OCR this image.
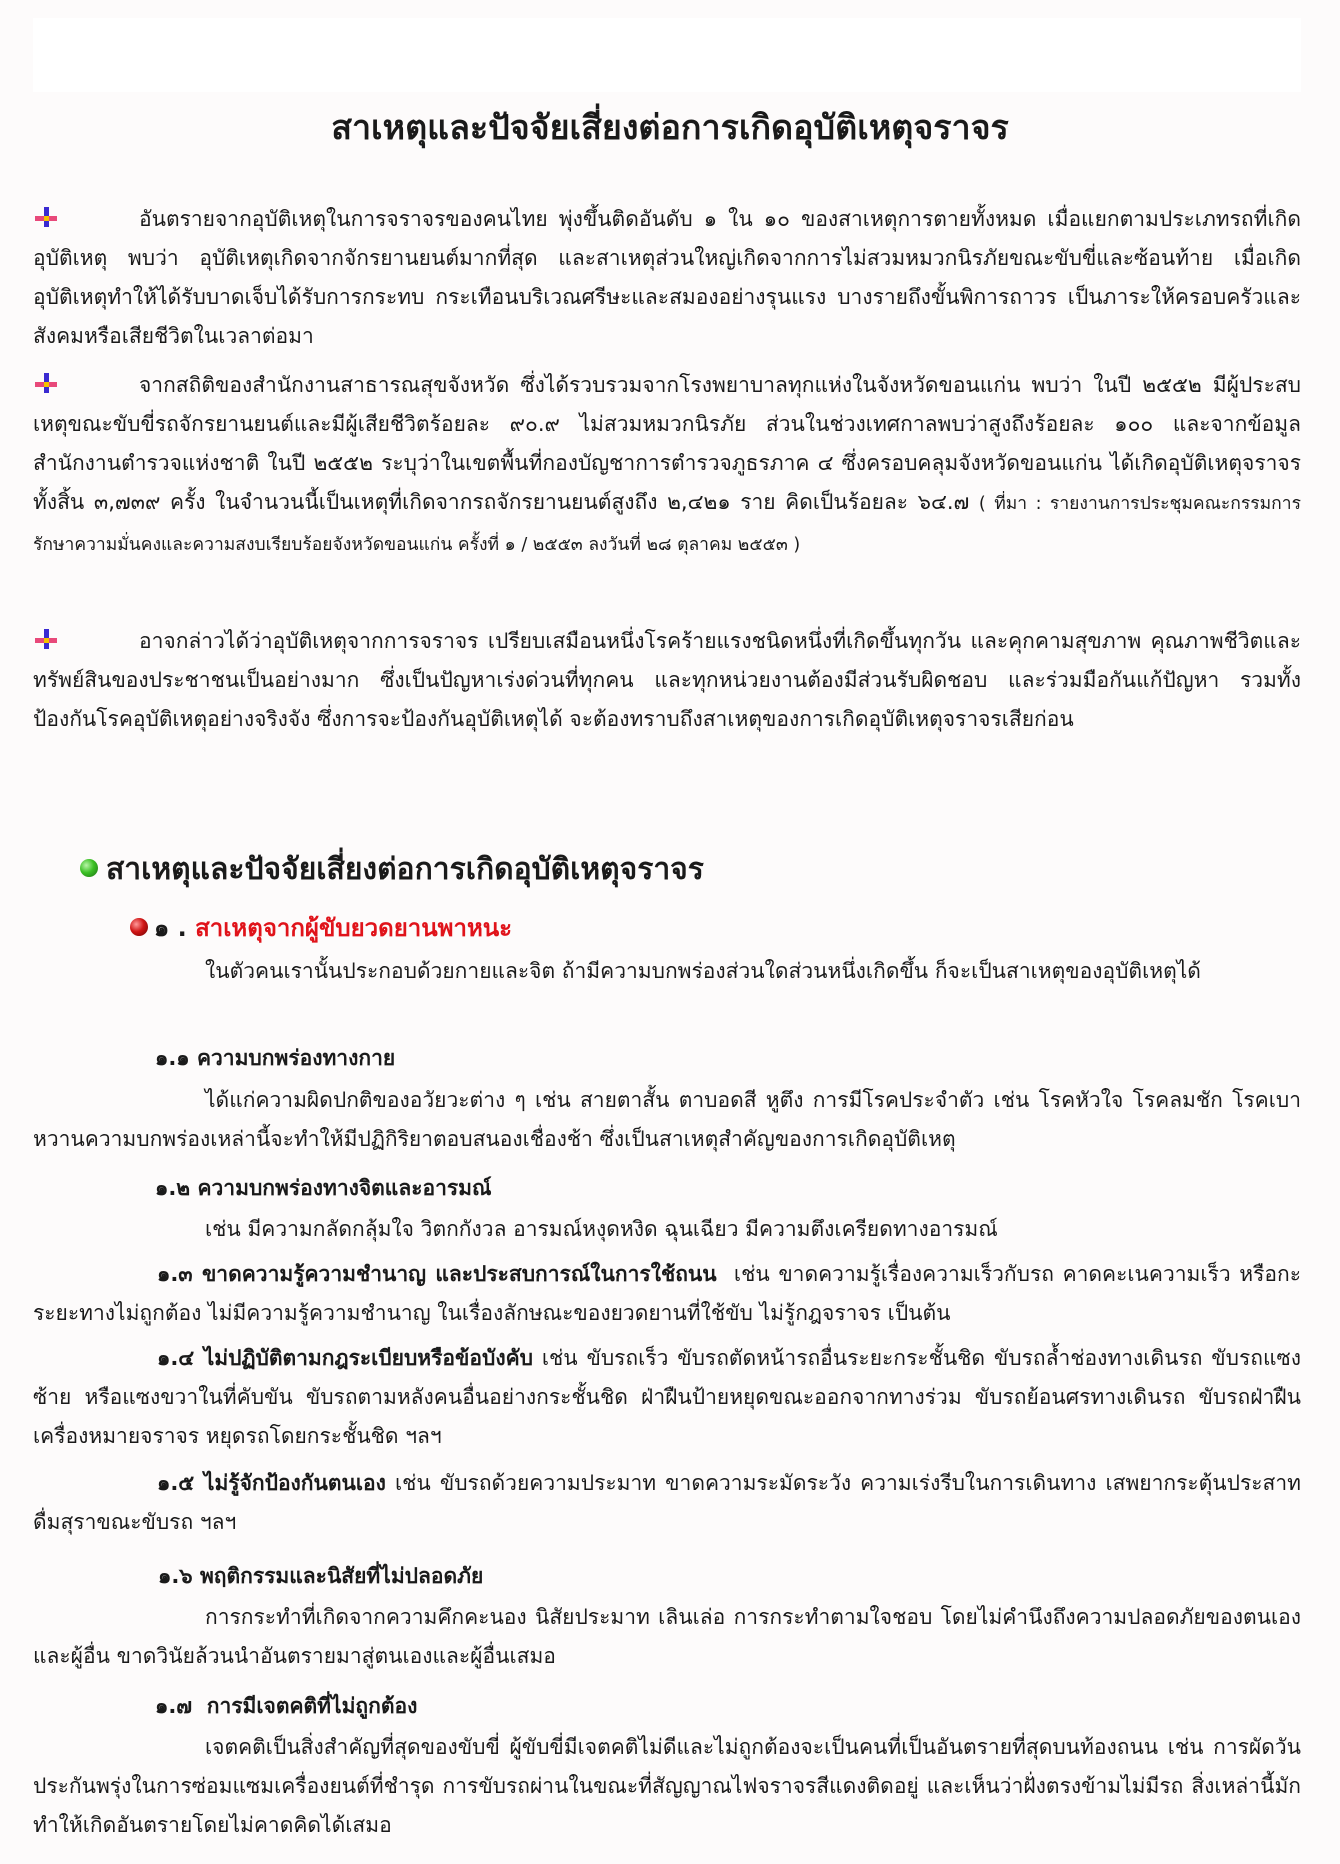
สาเหตุและปัจจัยเสี่ยงต่อการเกิดอุบัติเหตุจราจร

อันตรายจากอุบัติเหตุในการจราจรของคนไทย พุ่งขึ้นติดอันดับ ๑ ใน ๑๐ ของสาเหตุการตายทั้งหมด เมื่อแยกตามประเภทรถที่เกิดอุบัติเหตุ พบว่า อุบัติเหตุเกิดจากจักรยานยนต์มากที่สุด และสาเหตุส่วนใหญ่เกิดจากการไม่สวมหมวกนิรภัยขณะขับขี่และซ้อนท้าย เมื่อเกิดอุบัติเหตุทำให้ได้รับบาดเจ็บได้รับการกระทบ กระเทือนบริเวณศรีษะและสมองอย่างรุนแรง บางรายถึงขั้นพิการถาวร เป็นภาระให้ครอบครัวและสังคมหรือเสียชีวิตในเวลาต่อมา

จากสถิติของสำนักงานสาธารณสุขจังหวัด ซึ่งได้รวบรวมจากโรงพยาบาลทุกแห่งในจังหวัดขอนแก่น พบว่า ในปี ๒๕๕๒ มีผู้ประสบเหตุขณะขับขี่รถจักรยานยนต์และมีผู้เสียชีวิตร้อยละ ๙๐.๙ ไม่สวมหมวกนิรภัย ส่วนในช่วงเทศกาลพบว่าสูงถึงร้อยละ ๑๐๐ และจากข้อมูลสำนักงานตำรวจแห่งชาติ ในปี ๒๕๕๒ ระบุว่าในเขตพื้นที่กองบัญชาการตำรวจภูธรภาค ๔ ซึ่งครอบคลุมจังหวัดขอนแก่น ได้เกิดอุบัติเหตุจราจรทั้งสิ้น ๓,๗๓๙ ครั้ง ในจำนวนนี้เป็นเหตุที่เกิดจากรถจักรยานยนต์สูงถึง ๒,๔๒๑ ราย คิดเป็นร้อยละ ๖๔.๗ ( ที่มา : รายงานการประชุมคณะกรรมการรักษาความมั่นคงและความสงบเรียบร้อยจังหวัดขอนแก่น ครั้งที่ ๑ / ๒๕๕๓ ลงวันที่ ๒๘ ตุลาคม ๒๕๕๓ )

อาจกล่าวได้ว่าอุบัติเหตุจากการจราจร เปรียบเสมือนหนึ่งโรคร้ายแรงชนิดหนึ่งที่เกิดขึ้นทุกวัน และคุกคามสุขภาพ คุณภาพชีวิตและทรัพย์สินของประชาชนเป็นอย่างมาก ซึ่งเป็นปัญหาเร่งด่วนที่ทุกคน และทุกหน่วยงานต้องมีส่วนรับผิดชอบ และร่วมมือกันแก้ปัญหา รวมทั้งป้องกันโรคอุบัติเหตุอย่างจริงจัง ซึ่งการจะป้องกันอุบัติเหตุได้ จะต้องทราบถึงสาเหตุของการเกิดอุบัติเหตุจราจรเสียก่อน

สาเหตุและปัจจัยเสี่ยงต่อการเกิดอุบัติเหตุจราจร
๑ . สาเหตุจากผู้ขับยวดยานพาหนะ

ในตัวคนเรานั้นประกอบด้วยกายและจิต ถ้ามีความบกพร่องส่วนใดส่วนหนึ่งเกิดขึ้น ก็จะเป็นสาเหตุของอุบัติเหตุได้

๑.๑ ความบกพร่องทางกาย

ได้แก่ความผิดปกติของอวัยวะต่าง ๆ เช่น สายตาสั้น ตาบอดสี หูตึง การมีโรคประจำตัว เช่น โรคหัวใจ โรคลมชัก โรคเบาหวานความบกพร่องเหล่านี้จะทำให้มีปฏิกิริยาตอบสนองเชื่องช้า ซึ่งเป็นสาเหตุสำคัญของการเกิดอุบัติเหตุ

๑.๒ ความบกพร่องทางจิตและอารมณ์

เช่น มีความกลัดกลุ้มใจ วิตกกังวล อารมณ์หงุดหงิด ฉุนเฉียว มีความตึงเครียดทางอารมณ์

๑.๓ ขาดความรู้ความชำนาญ และประสบการณ์ในการใช้ถนน เช่น ขาดความรู้เรื่องความเร็วกับรถ คาดคะเนความเร็ว หรือกะระยะทางไม่ถูกต้อง ไม่มีความรู้ความชำนาญ ในเรื่องลักษณะของยวดยานที่ใช้ขับ ไม่รู้กฎจราจร เป็นต้น

๑.๔ ไม่ปฏิบัติตามกฎระเบียบหรือข้อบังคับ เช่น ขับรถเร็ว ขับรถตัดหน้ารถอื่นระยะกระชั้นชิด ขับรถล้ำช่องทางเดินรถ ขับรถแซงซ้าย หรือแซงขวาในที่คับขัน ขับรถตามหลังคนอื่นอย่างกระชั้นชิด ฝ่าฝืนป้ายหยุดขณะออกจากทางร่วม ขับรถย้อนศรทางเดินรถ ขับรถฝ่าฝืนเครื่องหมายจราจร หยุดรถโดยกระชั้นชิด ฯลฯ

๑.๕ ไม่รู้จักป้องกันตนเอง เช่น ขับรถด้วยความประมาท ขาดความระมัดระวัง ความเร่งรีบในการเดินทาง เสพยากระตุ้นประสาท ดื่มสุราขณะขับรถ ฯลฯ

๑.๖ พฤติกรรมและนิสัยที่ไม่ปลอดภัย

การกระทำที่เกิดจากความคึกคะนอง นิสัยประมาท เลินเล่อ การกระทำตามใจชอบ โดยไม่คำนึงถึงความปลอดภัยของตนเองและผู้อื่น ขาดวินัยล้วนนำอันตรายมาสู่ตนเองและผู้อื่นเสมอ

๑.๗ การมีเจตคติที่ไม่ถูกต้อง

เจตคติเป็นสิ่งสำคัญที่สุดของขับขี่ ผู้ขับขี่มีเจตคติไม่ดีและไม่ถูกต้องจะเป็นคนที่เป็นอันตรายที่สุดบนท้องถนน เช่น การผัดวันประกันพรุ่งในการซ่อมแซมเครื่องยนต์ที่ชำรุด การขับรถผ่านในขณะที่สัญญาณไฟจราจรสีแดงติดอยู่ และเห็นว่าฝั่งตรงข้ามไม่มีรถ สิ่งเหล่านี้มักทำให้เกิดอันตรายโดยไม่คาดคิดได้เสมอ
